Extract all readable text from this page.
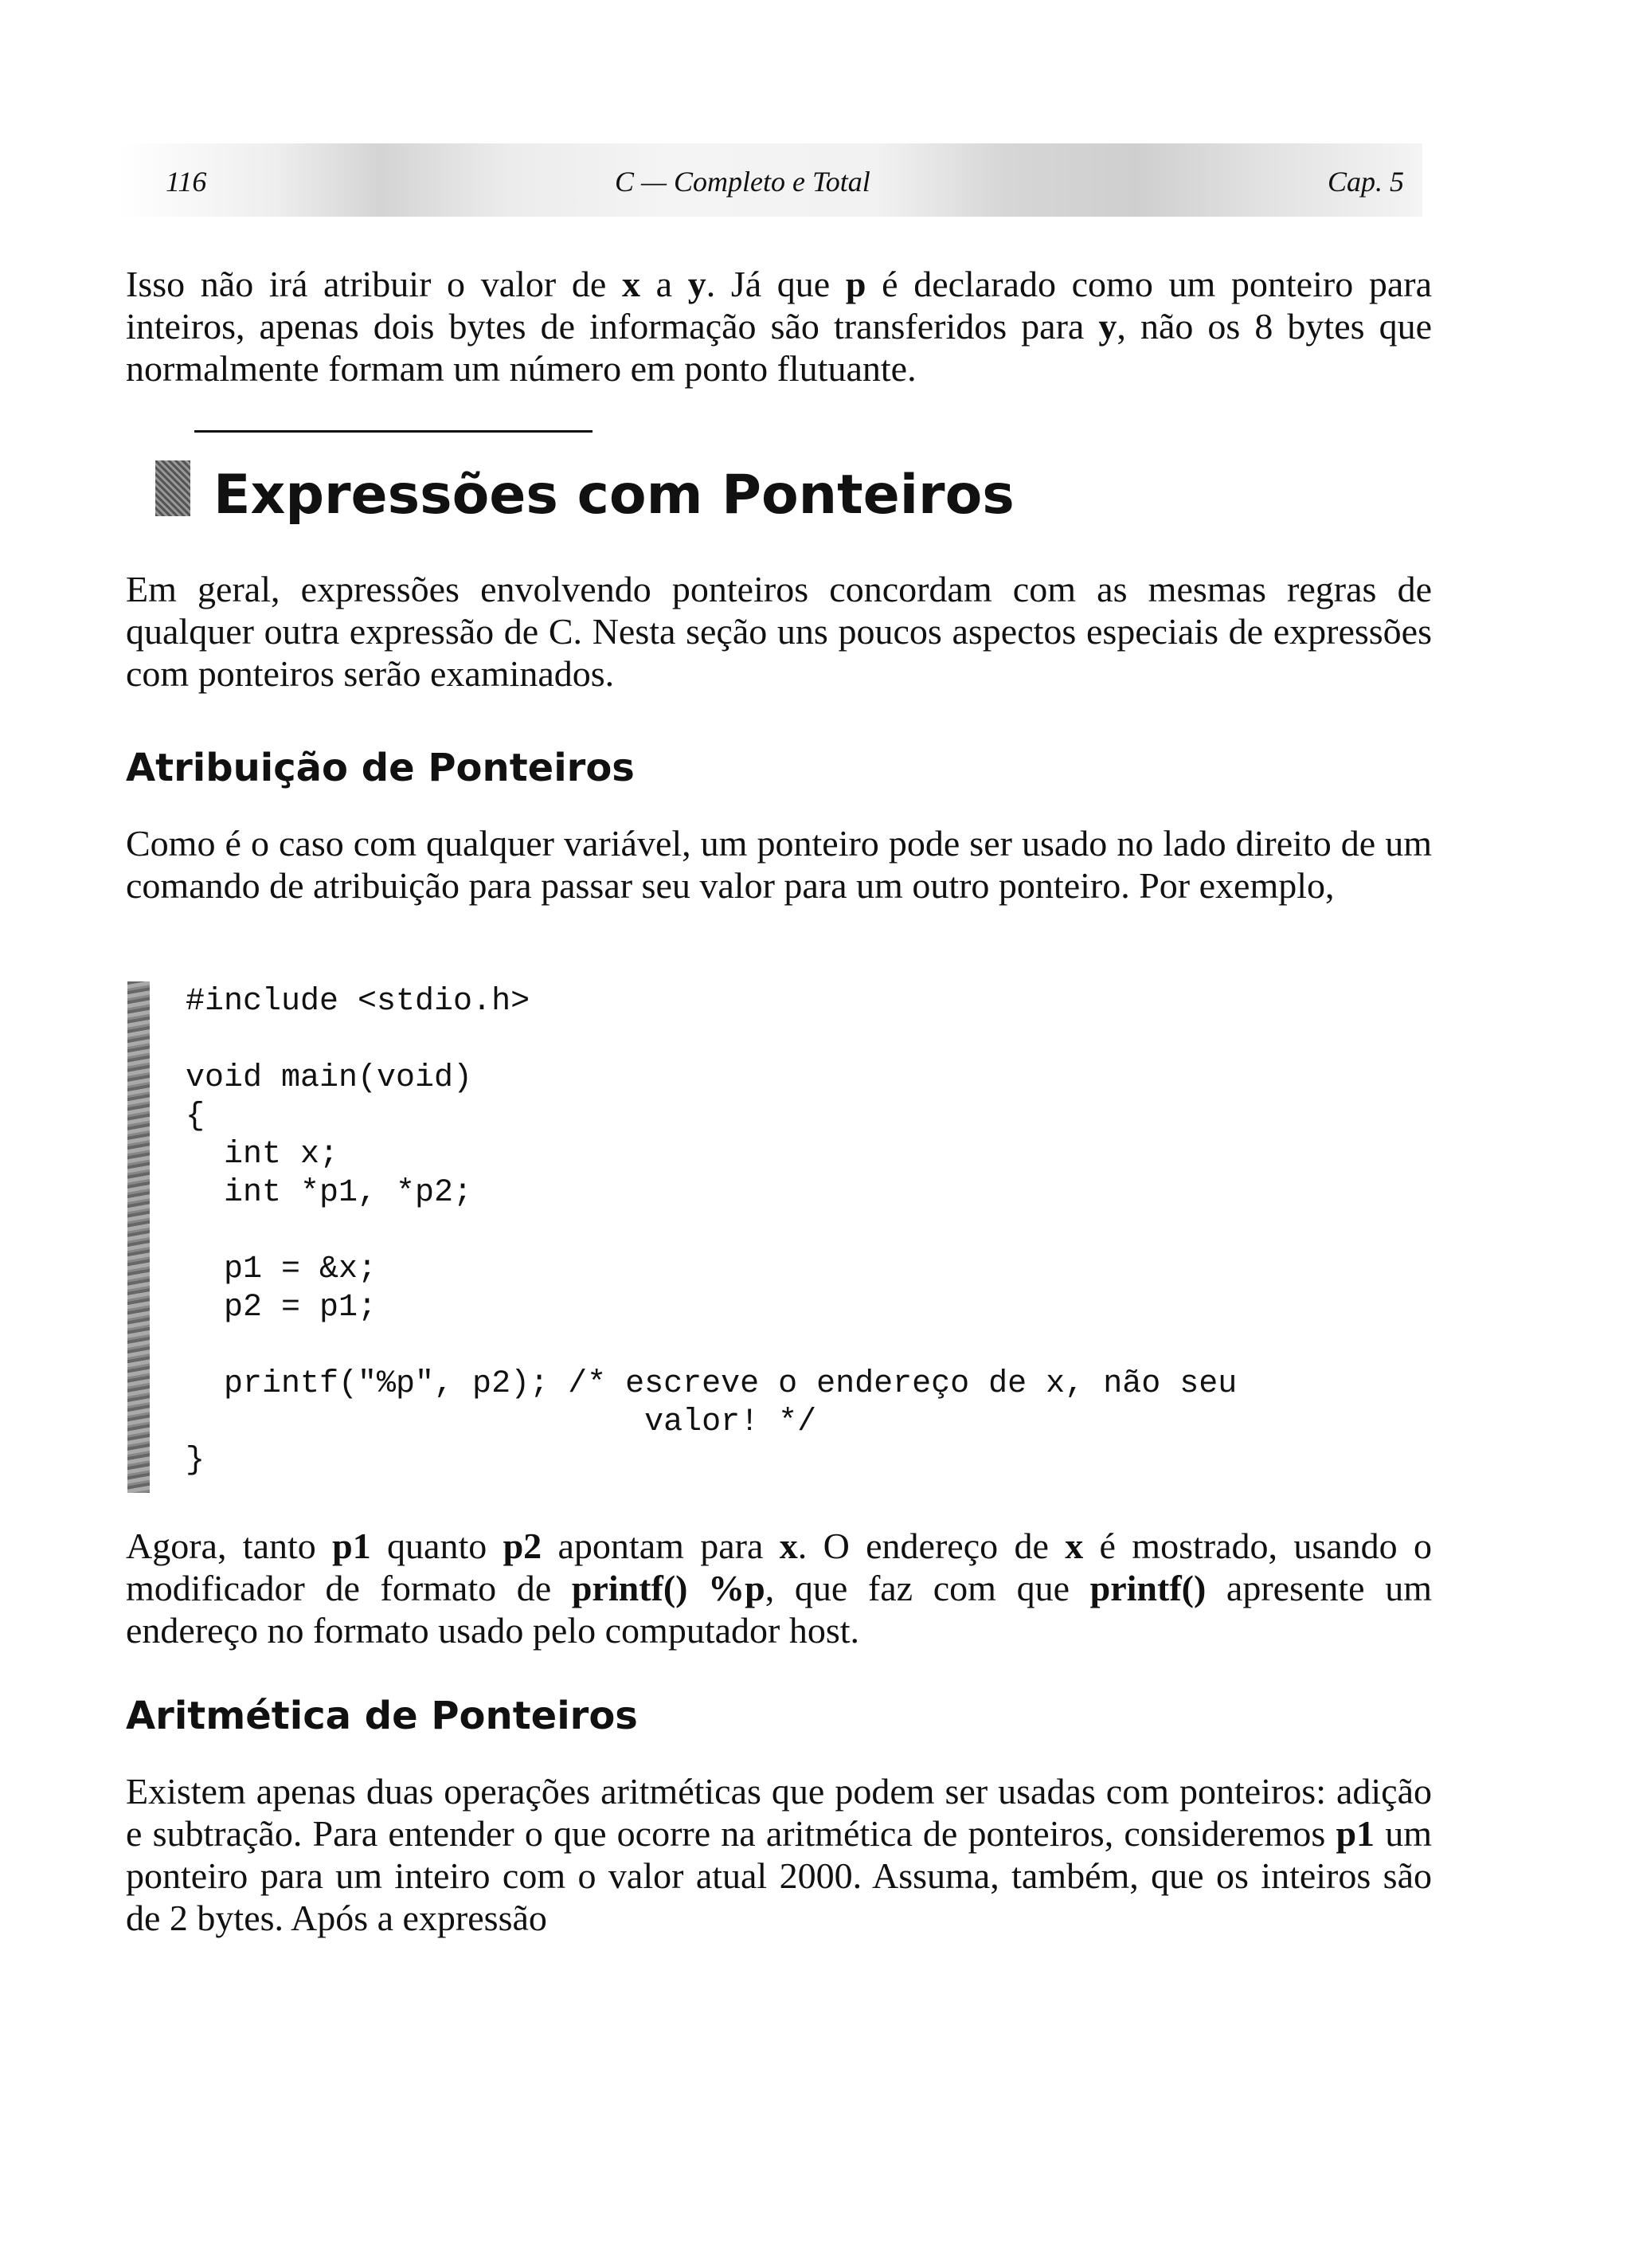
116	C — Completo e Total	Cap. 5

Isso não irá atribuir o valor de x a y. Já que p é declarado como um ponteiro para inteiros, apenas dois bytes de informação são transferidos para y, não os 8 bytes que normalmente formam um número em ponto flutuante.

Expressões com Ponteiros

Em geral, expressões envolvendo ponteiros concordam com as mesmas regras de qualquer outra expressão de C. Nesta seção uns poucos aspectos especiais de expressões com ponteiros serão examinados.

Atribuição de Ponteiros

Como é o caso com qualquer variável, um ponteiro pode ser usado no lado direito de um comando de atribuição para passar seu valor para um outro ponteiro. Por exemplo,

#include <stdio.h>
void main(void)
{
int x;
int *p1, *p2;
p1 = &x;
p2 = p1;
printf("%p", p2); /* escreve o endereço de x, não seu
valor! */
}

Agora, tanto p1 quanto p2 apontam para x. O endereço de x é mostrado, usando o modificador de formato de printf() %p, que faz com que printf() apresente um endereço no formato usado pelo computador host.

Aritmética de Ponteiros

Existem apenas duas operações aritméticas que podem ser usadas com ponteiros: adição e subtração. Para entender o que ocorre na aritmética de ponteiros, consideremos p1 um ponteiro para um inteiro com o valor atual 2000. Assuma, também, que os inteiros são de 2 bytes. Após a expressão
